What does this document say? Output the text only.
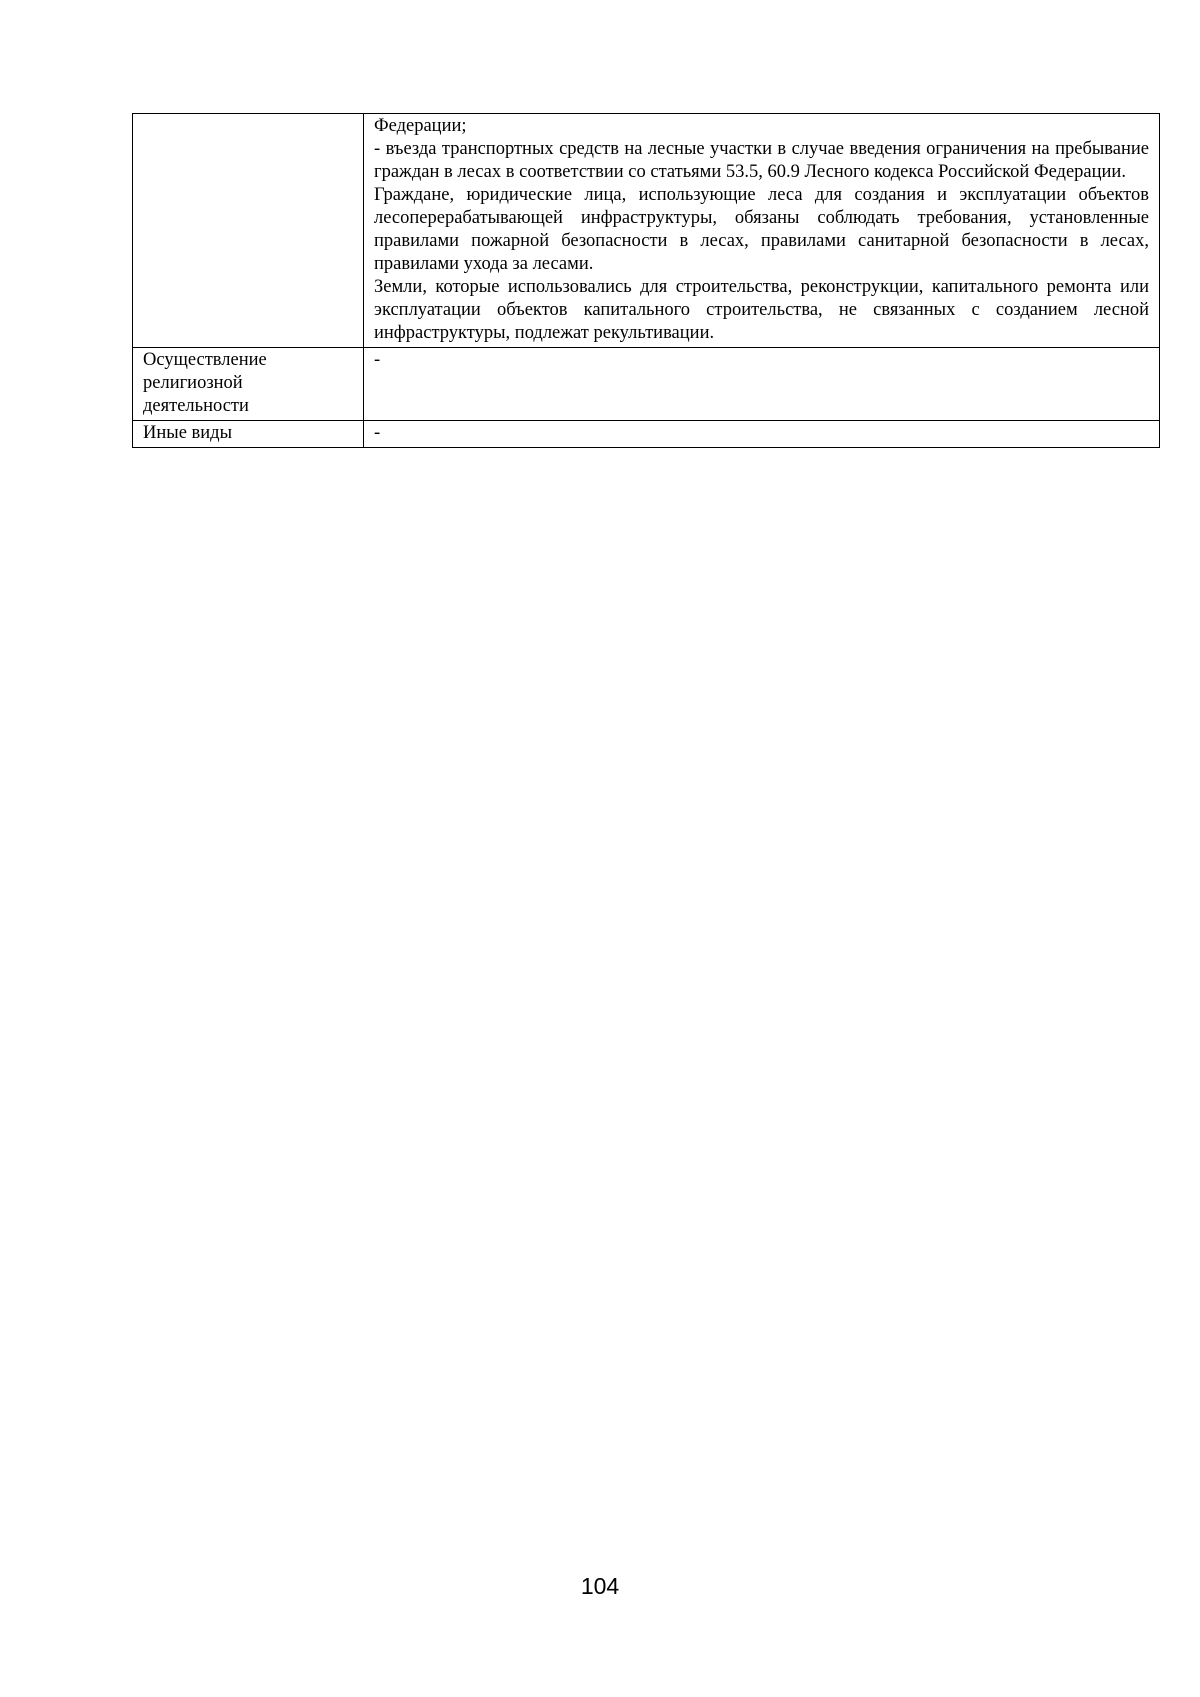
	Федерации;

- въезда транспортных средств на лесные участки в случае введения ограничения на пребывание граждан в лесах в соответствии со статьями 53.5, 60.9 Лесного кодекса Российской Федерации.

Граждане, юридические лица, использующие леса для создания и эксплуатации объектов лесоперерабатывающей инфраструктуры, обязаны соблюдать требования, установленные правилами пожарной безопасности в лесах, правилами санитарной безопасности в лесах, правилами ухода за лесами.

Земли, которые использовались для строительства, реконструкции, капитального ремонта или эксплуатации объектов капитального строительства, не связанных с созданием лесной инфраструктуры, подлежат рекультивации.

Осуществление
религиозной
деятельности	-

Иные виды	-
104
